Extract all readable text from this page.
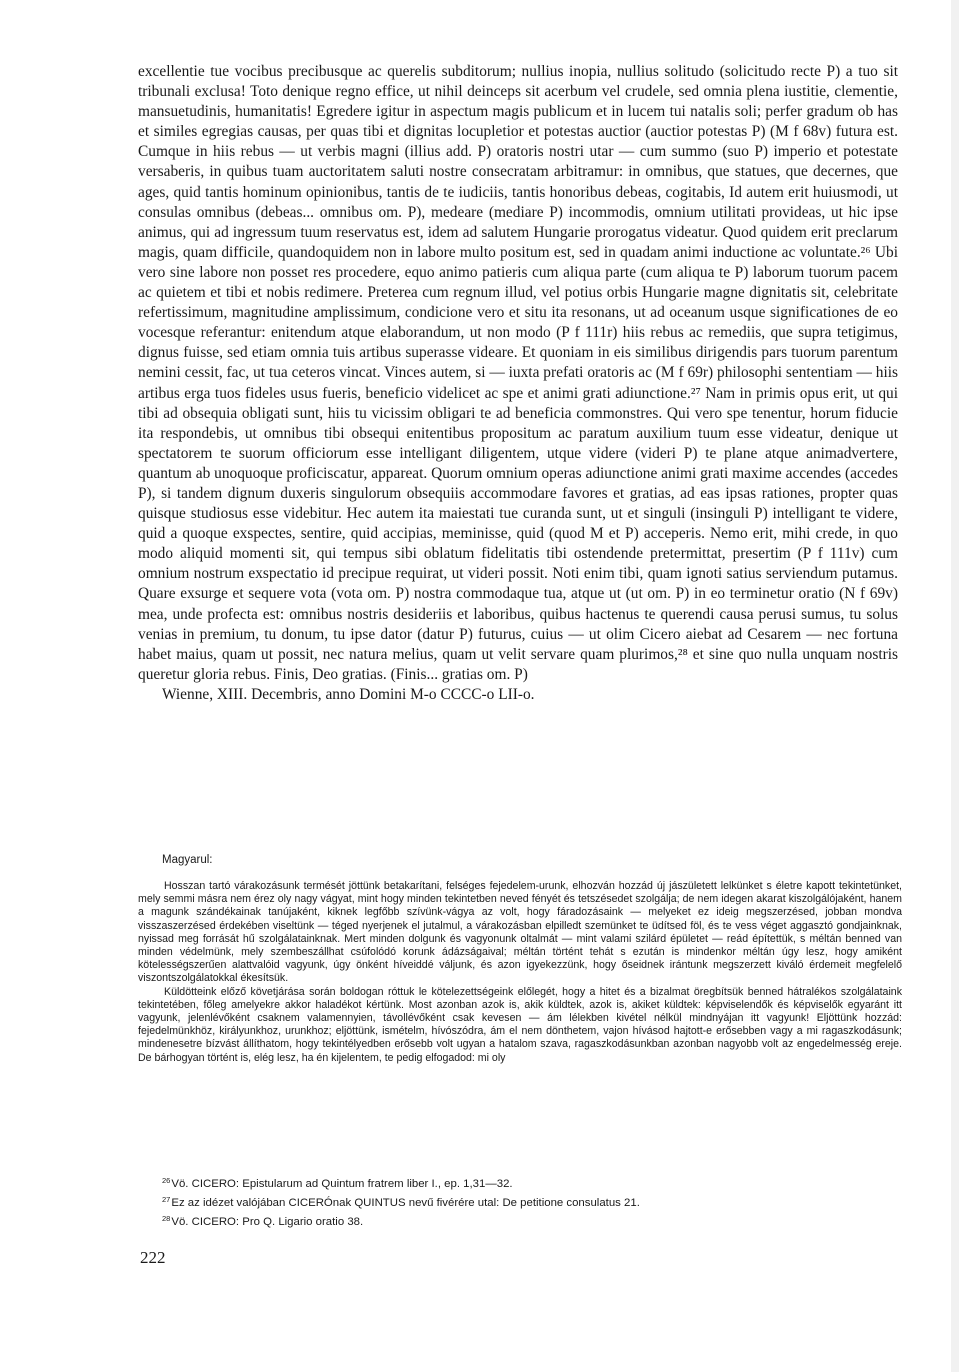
excellentie tue vocibus precibusque ac querelis subditorum; nullius inopia, nullius solitudo (solicitudo recte P) a tuo sit tribunali exclusa! Toto denique regno effice, ut nihil deinceps sit acerbum vel crudele, sed omnia plena iustitie, clementie, mansuetudinis, humanitatis! Egredere igitur in aspectum magis publicum et in lucem tui natalis soli; perfer gradum ob has et similes egregias causas, per quas tibi et dignitas locupletior et potestas auctior (auctior potestas P) (M f 68v) futura est. Cumque in hiis rebus — ut verbis magni (illius add. P) oratoris nostri utar — cum summo (suo P) imperio et potestate versaberis, in quibus tuam auctoritatem saluti nostre consecratam arbitramur: in omnibus, que statues, que decernes, que ages, quid tantis hominum opinionibus, tantis de te iudiciis, tantis honoribus debeas, cogitabis, Id autem erit huiusmodi, ut consulas omnibus (debeas... omnibus om. P), medeare (mediare P) incommodis, omnium utilitati provideas, ut hic ipse animus, qui ad ingressum tuum reservatus est, idem ad salutem Hungarie prorogatus videatur. Quod quidem erit preclarum magis, quam difficile, quandoquidem non in labore multo positum est, sed in quadam animi inductione ac voluntate.²⁶ Ubi vero sine labore non posset res procedere, equo animo patieris cum aliqua parte (cum aliqua te P) laborum tuorum pacem ac quietem et tibi et nobis redimere. Preterea cum regnum illud, vel potius orbis Hungarie magne dignitatis sit, celebritate refertissimum, magnitudine amplissimum, condicione vero et situ ita resonans, ut ad oceanum usque significationes de eo vocesque referantur: enitendum atque elaborandum, ut non modo (P f 111r) hiis rebus ac remediis, que supra tetigimus, dignus fuisse, sed etiam omnia tuis artibus superasse videare. Et quoniam in eis similibus dirigendis pars tuorum parentum nemini cessit, fac, ut tua ceteros vincat. Vinces autem, si — iuxta prefati oratoris ac (M f 69r) philosophi sententiam — hiis artibus erga tuos fideles usus fueris, beneficio videlicet ac spe et animi grati adiunctione.²⁷ Nam in primis opus erit, ut qui tibi ad obsequia obligati sunt, hiis tu vicissim obligari te ad beneficia commonstres. Qui vero spe tenentur, horum fiducie ita respondebis, ut omnibus tibi obsequi enitentibus propositum ac paratum auxilium tuum esse videatur, denique ut spectatorem te suorum officiorum esse intelligant diligentem, utque videre (videri P) te plane atque animadvertere, quantum ab unoquoque proficiscatur, appareat. Quorum omnium operas adiunctione animi grati maxime accendes (accedes P), si tandem dignum duxeris singulorum obsequiis accommodare favores et gratias, ad eas ipsas rationes, propter quas quisque studiosus esse videbitur. Hec autem ita maiestati tue curanda sunt, ut et singuli (insinguli P) intelligant te videre, quid a quoque exspectes, sentire, quid accipias, meminisse, quid (quod M et P) acceperis. Nemo erit, mihi crede, in quo modo aliquid momenti sit, qui tempus sibi oblatum fidelitatis tibi ostendende pretermittat, presertim (P f 111v) cum omnium nostrum exspectatio id precipue requirat, ut videri possit. Noti enim tibi, quam ignoti satius serviendum putamus. Quare exsurge et sequere vota (vota om. P) nostra commodaque tua, atque ut (ut om. P) in eo terminetur oratio (N f 69v) mea, unde profecta est: omnibus nostris desideriis et laboribus, quibus hactenus te querendi causa perusi sumus, tu solus venias in premium, tu donum, tu ipse dator (datur P) futurus, cuius — ut olim Cicero aiebat ad Cesarem — nec fortuna habet maius, quam ut possit, nec natura melius, quam ut velit servare quam plurimos,²⁸ et sine quo nulla unquam nostris queretur gloria rebus. Finis, Deo gratias. (Finis... gratias om. P)

Wienne, XIII. Decembris, anno Domini M-o CCCC-o LII-o.

Magyarul:

Hosszan tartó várakozásunk termését jöttünk betakarítani, felséges fejedelem-urunk, elhozván hozzád új jászületett lelkünket s életre kapott tekintetünket, mely semmi másra nem érez oly nagy vágyat, mint hogy minden tekintetben neved fényét és tetszésedet szolgálja; de nem idegen akarat kiszolgálójaként, hanem a magunk szándékainak tanújaként, kiknek legfőbb szívünk-vágya az volt, hogy fáradozásaink — melyeket ez ideig megszerzésed, jobban mondva visszaszerzésed érdekében viseltünk — téged nyerjenek el jutalmul, a várakozásban elpilledt szemünket te üdítsed föl, és te vess véget aggasztó gondjainknak, nyissad meg forrását hű szolgálatainknak. Mert minden dolgunk és vagyonunk oltalmát — mint valami szilárd épületet — reád építettük, s méltán benned van minden védelmünk, mely szembeszállhat csúfolódó korunk ádázságaival; méltán történt tehát s ezután is mindenkor méltán úgy lesz, hogy amiként kötelességszerűen alattvalóid vagyunk, úgy önként híveiddé váljunk, és azon igyekezzünk, hogy őseidnek irántunk megszerzett kiváló érdemeit megfelelő viszontszolgálatokkal ékesítsük.

Küldötteink előző követjárása során boldogan róttuk le kötelezettségeink előlegét, hogy a hitet és a bizalmat öregbítsük benned hátralékos szolgálataink tekintetében, főleg amelyekre akkor haladékot kértünk. Most azonban azok is, akik küldtek, azok is, akiket küldtek: képviselendők és képviselők egyaránt itt vagyunk, jelenlévőként csaknem valamennyien, távollévőként csak kevesen — ám lélekben kivétel nélkül mindnyájan itt vagyunk! Eljöttünk hozzád: fejedelmünkhöz, királyunkhoz, urunkhoz; eljöttünk, ismételm, hívószódra, ám el nem dönthetem, vajon hívásod hajtott-e erősebben vagy a mi ragaszkodásunk; mindenesetre bízvást állíthatom, hogy tekintélyedben erősebb volt ugyan a hatalom szava, ragaszkodásunkban azonban nagyobb volt az engedelmesség ereje. De bárhogyan történt is, elég lesz, ha én kijelentem, te pedig elfogadod: mi oly

$^{26}$Vö. CICERO: Epistularum ad Quintum fratrem liber I., ep. 1,31—32.
$^{27}$Ez az idézet valójában CICERÓnak QUINTUS nevű fivérére utal: De petitione consulatus 21.
$^{28}$Vö. CICERO: Pro Q. Ligario oratio 38.
222
